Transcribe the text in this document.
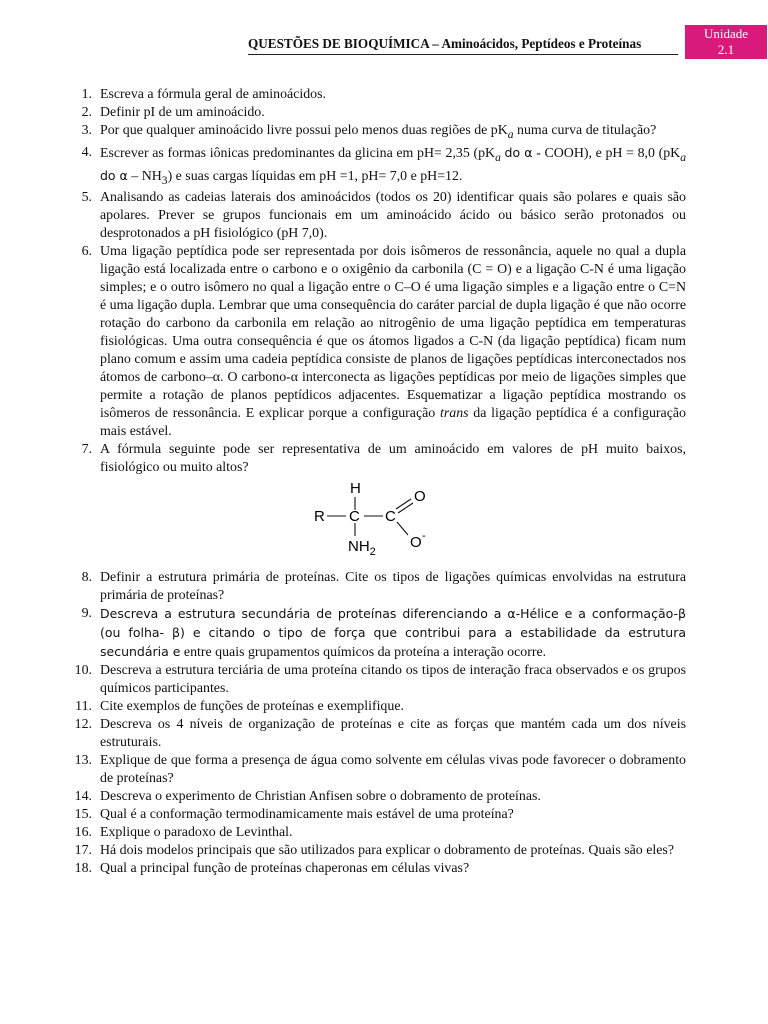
QUESTÕES DE BIOQUÍMICA – Aminoácidos, Peptídeos e Proteínas
Unidade
2.1
1. Escreva a fórmula geral de aminoácidos.
2. Definir pI de um aminoácido.
3. Por que qualquer aminoácido livre possui pelo menos duas regiões de $pK_a$ numa curva de titulação?
4. Escrever as formas iônicas predominantes da glicina em pH= 2,35 ($pK_a$ do α - COOH), e pH = 8,0 ($pK_a$ do α – $NH_3$) e suas cargas líquidas em pH =1, pH= 7,0 e pH=12.
5. Analisando as cadeias laterais dos aminoácidos (todos os 20) identificar quais são polares e quais são apolares. Prever se grupos funcionais em um aminoácido ácido ou básico serão protonados ou desprotonados a pH fisiológico (pH 7,0).
6. Uma ligação peptídica pode ser representada por dois isômeros de ressonância, aquele no qual a dupla ligação está localizada entre o carbono e o oxigênio da carbonila (C = O) e a ligação C-N é uma ligação simples; e o outro isômero no qual a ligação entre o C–O é uma ligação simples e a ligação entre o C=N é uma ligação dupla. Lembrar que uma consequência do caráter parcial de dupla ligação é que não ocorre rotação do carbono da carbonila em relação ao nitrogênio de uma ligação peptídica em temperaturas fisiológicas. Uma outra consequência é que os átomos ligados a C-N (da ligação peptídica) ficam num plano comum e assim uma cadeia peptídica consiste de planos de ligações peptídicas interconectados nos átomos de carbono–α. O carbono-α interconecta as ligações peptídicas por meio de ligações simples que permite a rotação de planos peptídicos adjacentes. Esquematizar a ligação peptídica mostrando os isômeros de ressonância. E explicar porque a configuração trans da ligação peptídica é a configuração mais estável.
7. A fórmula seguinte pode ser representativa de um aminoácido em valores de pH muito baixos, fisiológico ou muito altos?
H
R C C
O
O -
$NH_2$
8. Definir a estrutura primária de proteínas. Cite os tipos de ligações químicas envolvidas na estrutura primária de proteínas?
9. Descreva a estrutura secundária de proteínas diferenciando a α-Hélice e a conformação-β (ou folha- β) e citando o tipo de força que contribui para a estabilidade da estrutura secundária e entre quais grupamentos químicos da proteína a interação ocorre.
10. Descreva a estrutura terciária de uma proteína citando os tipos de interação fraca observados e os grupos químicos participantes.
11. Cite exemplos de funções de proteínas e exemplifique.
12. Descreva os 4 níveis de organização de proteínas e cite as forças que mantém cada um dos níveis estruturais.
13. Explique de que forma a presença de água como solvente em células vivas pode favorecer o dobramento de proteínas?
14. Descreva o experimento de Christian Anfisen sobre o dobramento de proteínas.
15. Qual é a conformação termodinamicamente mais estável de uma proteína?
16. Explique o paradoxo de Levinthal.
17. Há dois modelos principais que são utilizados para explicar o dobramento de proteínas. Quais são eles?
18. Qual a principal função de proteínas chaperonas em células vivas?
